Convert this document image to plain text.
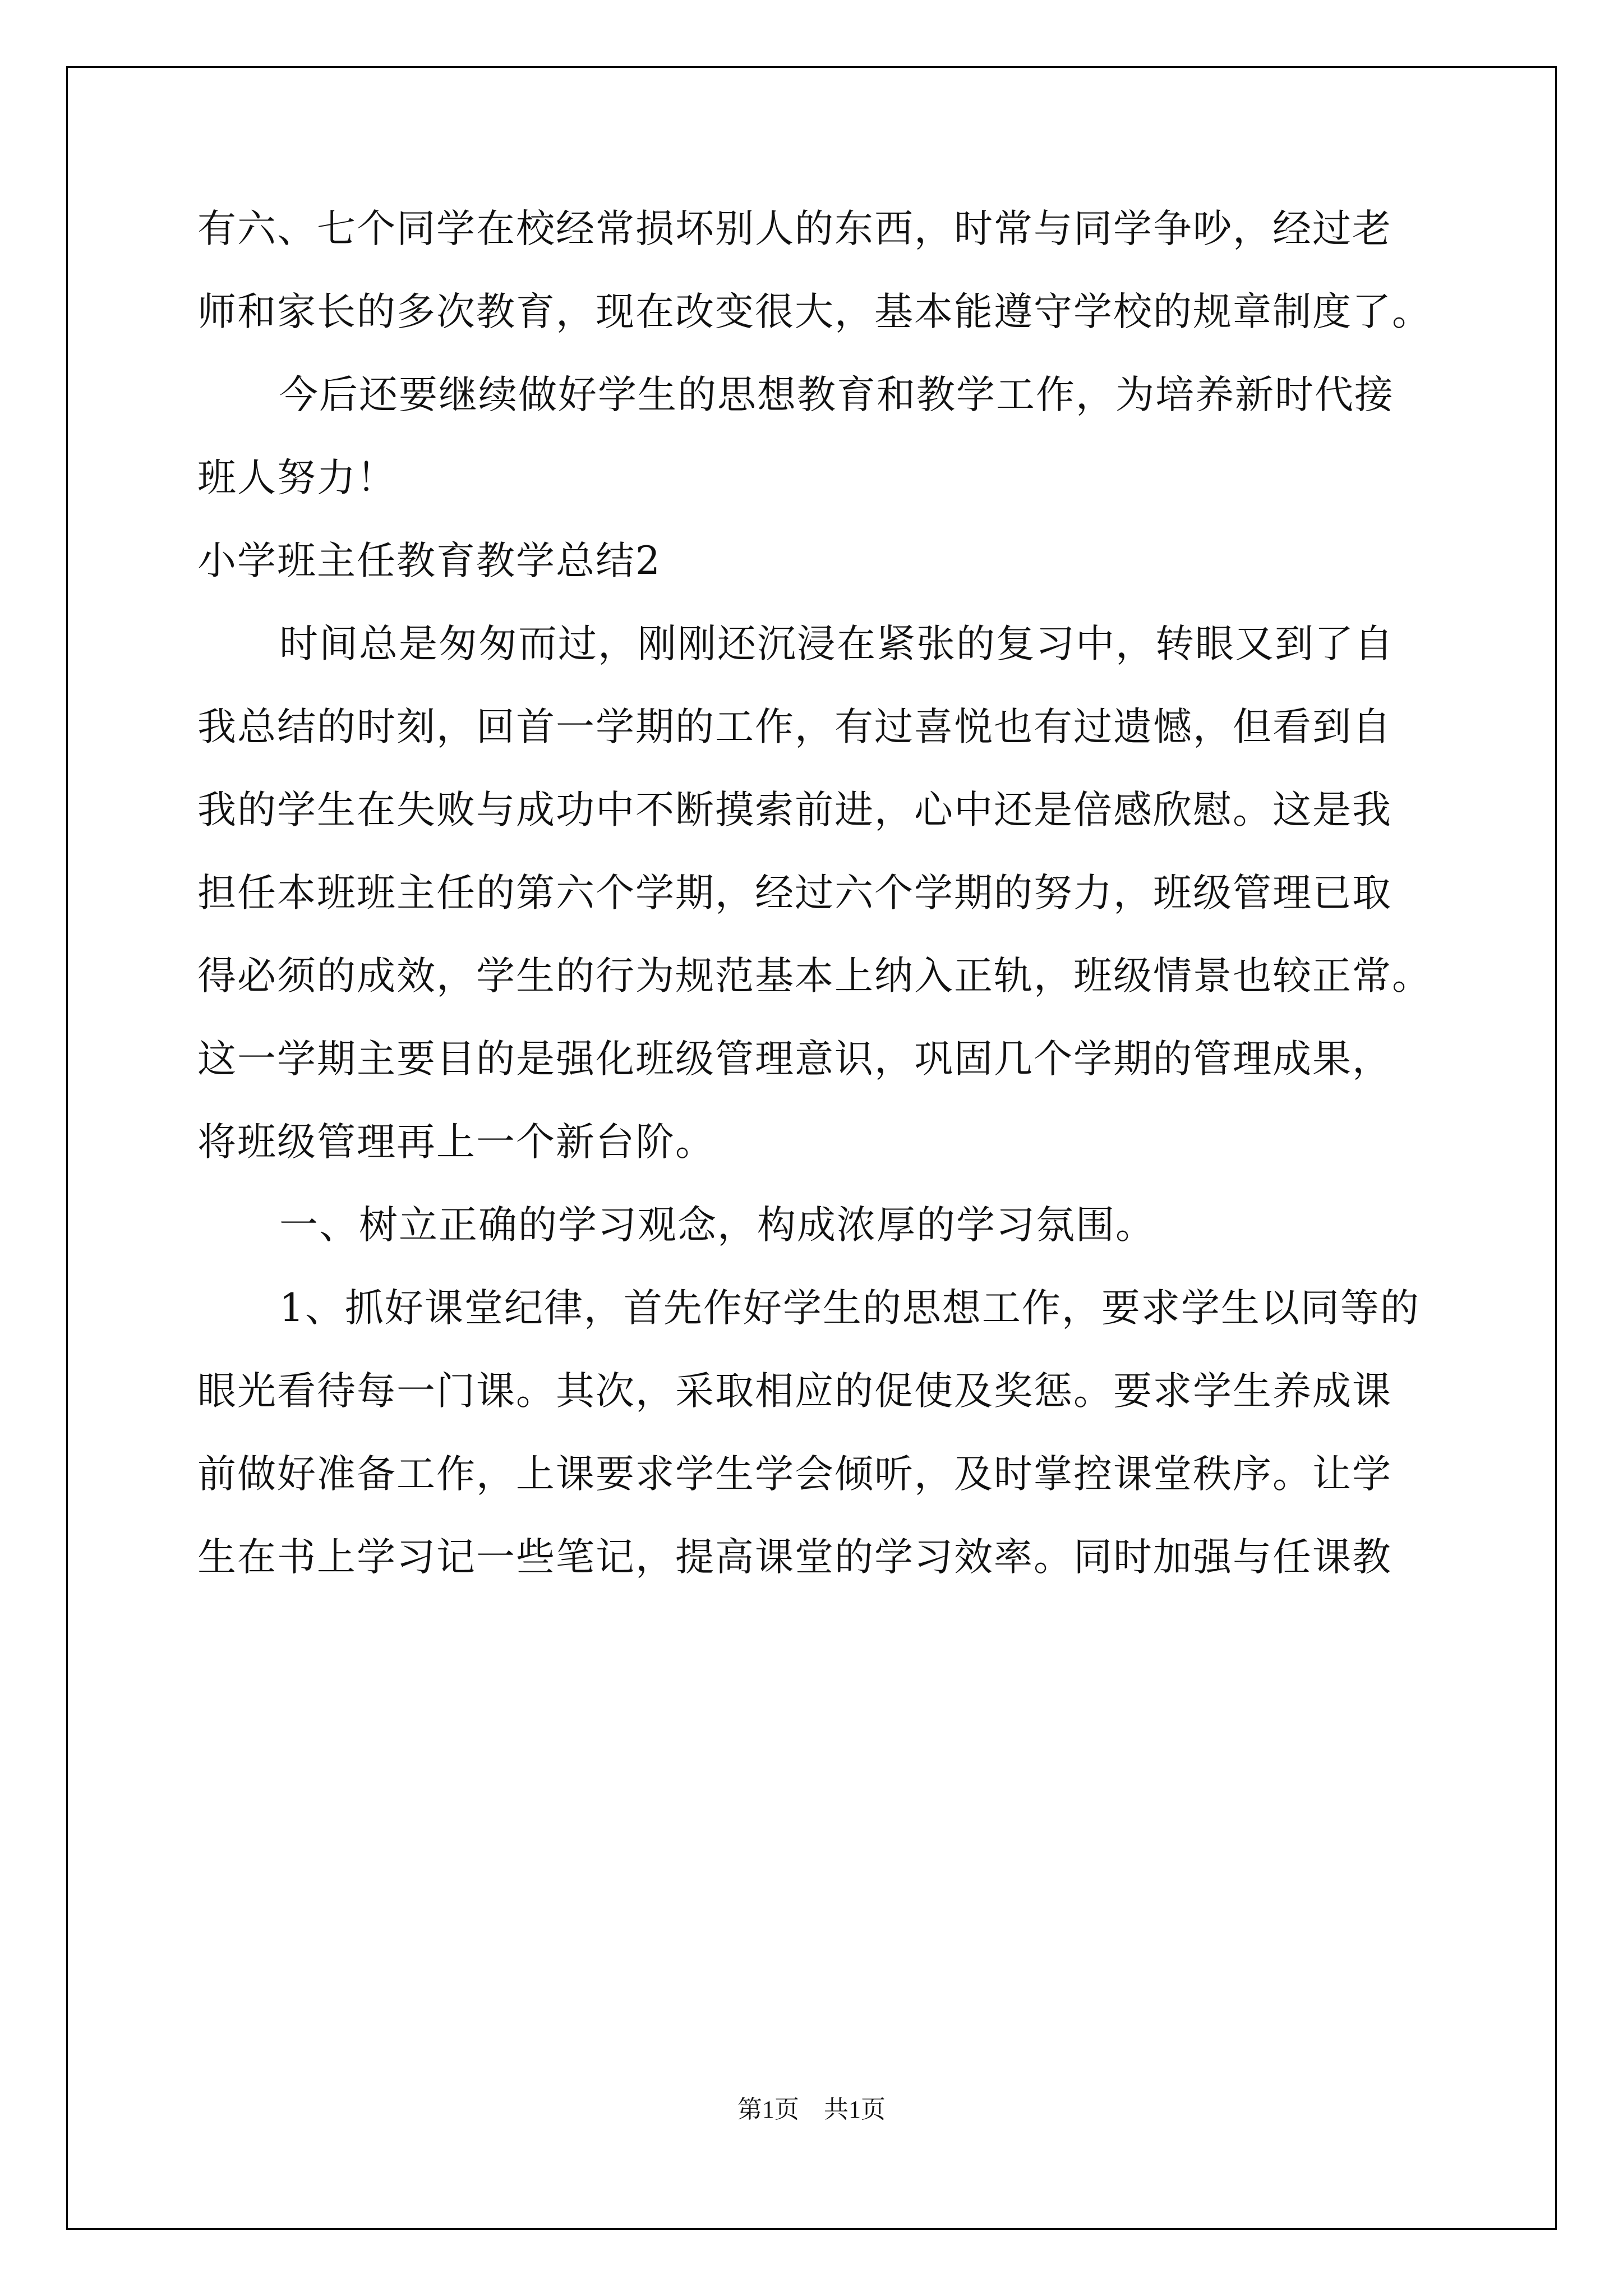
有六、七个同学在校经常损坏别人的东西，时常与同学争吵，经过老
师和家长的多次教育，现在改变很大，基本能遵守学校的规章制度了。
今后还要继续做好学生的思想教育和教学工作，为培养新时代接
班人努力！
小学班主任教育教学总结2
时间总是匆匆而过，刚刚还沉浸在紧张的复习中，转眼又到了自
我总结的时刻，回首一学期的工作，有过喜悦也有过遗憾，但看到自
我的学生在失败与成功中不断摸索前进，心中还是倍感欣慰。这是我
担任本班班主任的第六个学期，经过六个学期的努力，班级管理已取
得必须的成效，学生的行为规范基本上纳入正轨，班级情景也较正常。
这一学期主要目的是强化班级管理意识，巩固几个学期的管理成果，
将班级管理再上一个新台阶。
一、树立正确的学习观念，构成浓厚的学习氛围。
1、抓好课堂纪律，首先作好学生的思想工作，要求学生以同等的
眼光看待每一门课。其次，采取相应的促使及奖惩。要求学生养成课
前做好准备工作，上课要求学生学会倾听，及时掌控课堂秩序。让学
生在书上学习记一些笔记，提高课堂的学习效率。同时加强与任课教
第1页 共1页
